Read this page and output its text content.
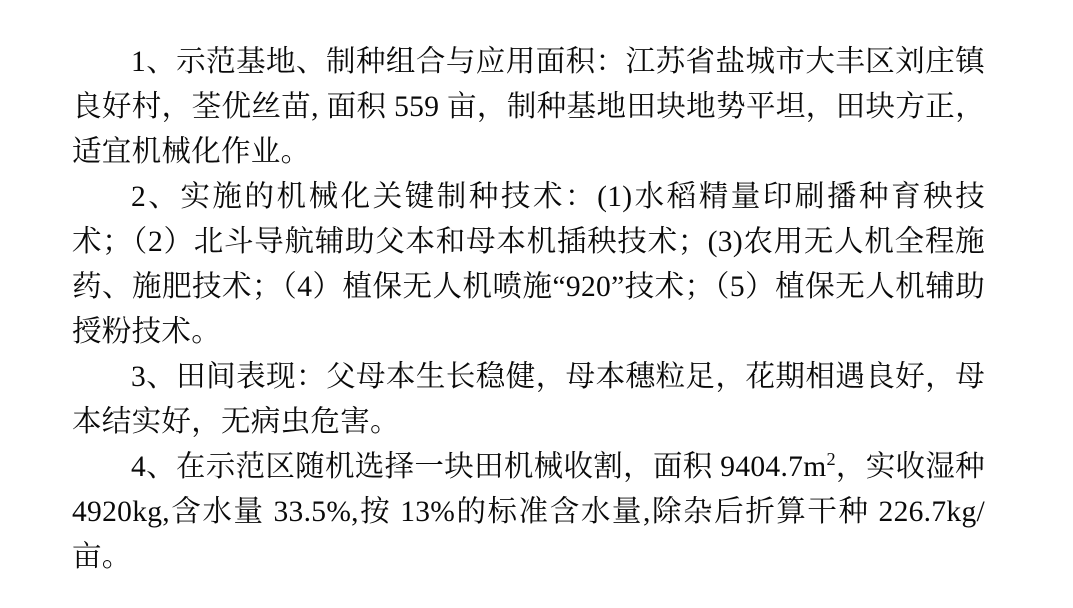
1、示范基地、制种组合与应用面积：江苏省盐城市大丰区刘庄镇良好村，荃优丝苗, 面积 559 亩，制种基地田块地势平坦，田块方正，适宜机械化作业。

2、实施的机械化关键制种技术：(1)水稻精量印刷播种育秧技术；（2）北斗导航辅助父本和母本机插秧技术；(3)农用无人机全程施药、施肥技术；（4）植保无人机喷施“920”技术；（5）植保无人机辅助授粉技术。

3、田间表现：父母本生长稳健，母本穗粒足，花期相遇良好，母本结实好，无病虫危害。

4、在示范区随机选择一块田机械收割，面积 $9404.7m^2$，实收湿种4920kg,含水量 33.5%,按 13%的标准含水量,除杂后折算干种 226.7kg/亩。
